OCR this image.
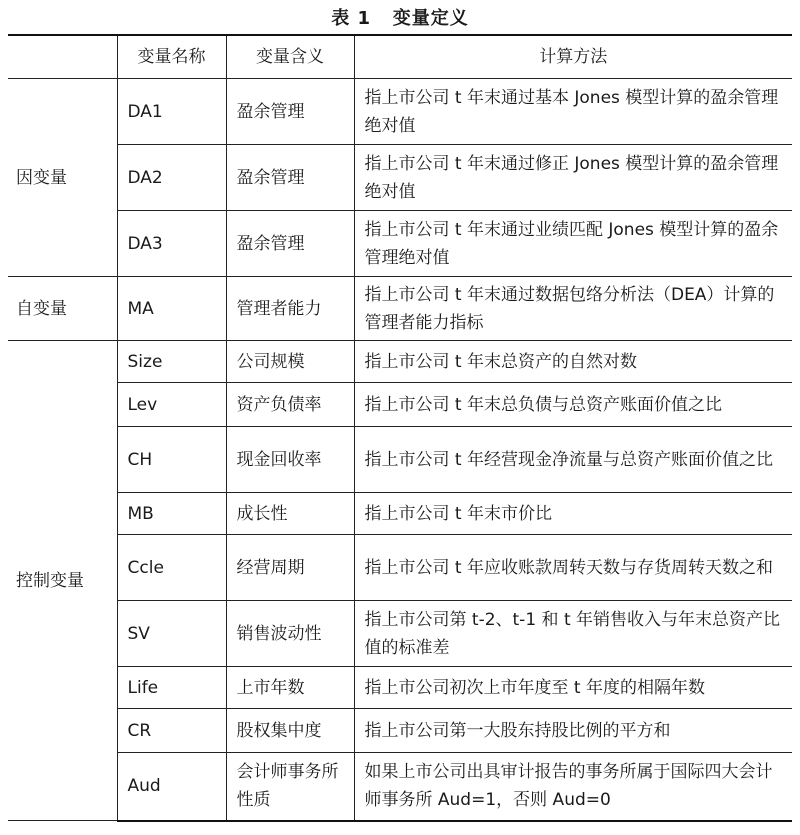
表 1   变量定义
	变量名称	变量含义	计算方法
因变量	DA1	盈余管理	指上市公司 t 年末通过基本 Jones 模型计算的盈余管理绝对值
	DA2	盈余管理	指上市公司 t 年末通过修正 Jones 模型计算的盈余管理绝对值
	DA3	盈余管理	指上市公司 t 年末通过业绩匹配 Jones 模型计算的盈余管理绝对值
自变量	MA	管理者能力	指上市公司 t 年末通过数据包络分析法（DEA）计算的管理者能力指标
控制变量	Size	公司规模	指上市公司 t 年末总资产的自然对数
	Lev	资产负债率	指上市公司 t 年末总负债与总资产账面价值之比
	CH	现金回收率	指上市公司 t 年经营现金净流量与总资产账面价值之比
	MB	成长性	指上市公司 t 年末市价比
	Ccle	经营周期	指上市公司 t 年应收账款周转天数与存货周转天数之和
	SV	销售波动性	指上市公司第 t-2、t-1 和 t 年销售收入与年末总资产比值的标准差
	Life	上市年数	指上市公司初次上市年度至 t 年度的相隔年数
	CR	股权集中度	指上市公司第一大股东持股比例的平方和
	Aud	会计师事务所性质	如果上市公司出具审计报告的事务所属于国际四大会计师事务所 Aud=1，否则 Aud=0
